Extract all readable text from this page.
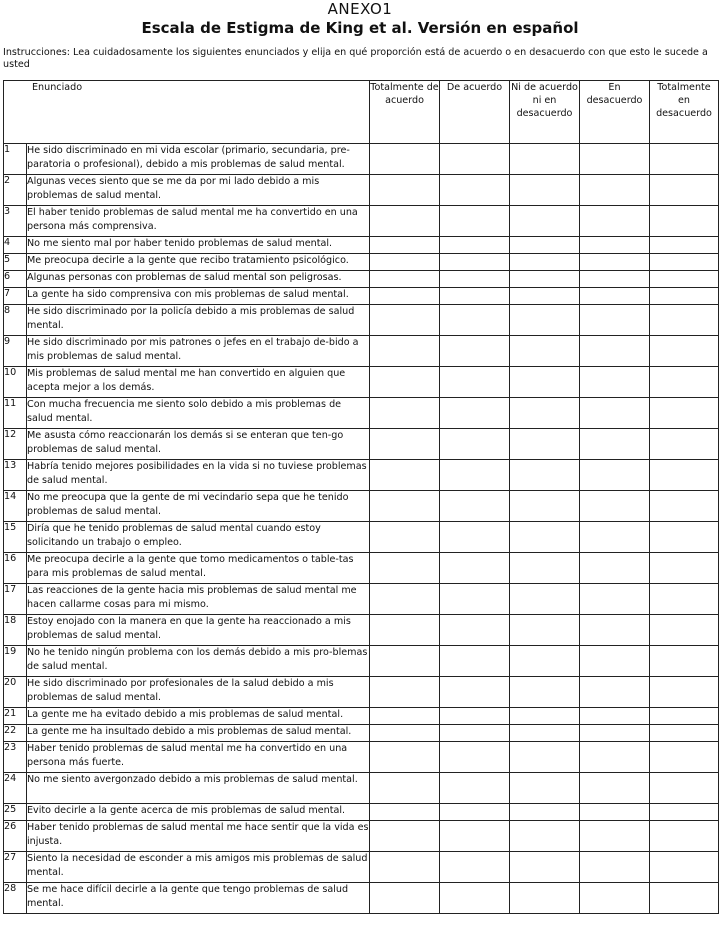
ANEXO1
Escala de Estigma de King et al. Versión en español
Instrucciones: Lea cuidadosamente los siguientes enunciados y elija en qué proporción está de acuerdo o en desacuerdo con que esto le sucede a usted
Enunciado		Totalmente de acuerdo	De acuerdo	Ni de acuerdo ni en desacuerdo	En desacuerdo	Totalmente en desacuerdo
1	He sido discriminado en mi vida escolar (primario, secundaria, pre-paratoria o profesional), debido a mis problemas de salud mental.					
2	Algunas veces siento que se me da por mi lado debido a mis problemas de salud mental.					
3	El haber tenido problemas de salud mental me ha convertido en una persona más comprensiva.					
4	No me siento mal por haber tenido problemas de salud mental.					
5	Me preocupa decirle a la gente que recibo tratamiento psicológico.					
6	Algunas personas con problemas de salud mental son peligrosas.					
7	La gente ha sido comprensiva con mis problemas de salud mental.					
8	He sido discriminado por la policía debido a mis problemas de salud mental.					
9	He sido discriminado por mis patrones o jefes en el trabajo de-bido a mis problemas de salud mental.					
10	Mis problemas de salud mental me han convertido en alguien que acepta mejor a los demás.					
11	Con mucha frecuencia me siento solo debido a mis problemas de salud mental.					
12	Me asusta cómo reaccionarán los demás si se enteran que ten-go problemas de salud mental.					
13	Habría tenido mejores posibilidades en la vida si no tuviese problemas de salud mental.					
14	No me preocupa que la gente de mi vecindario sepa que he tenido problemas de salud mental.					
15	Diría que he tenido problemas de salud mental cuando estoy solicitando un trabajo o empleo.					
16	Me preocupa decirle a la gente que tomo medicamentos o table-tas para mis problemas de salud mental.					
17	Las reacciones de la gente hacia mis problemas de salud mental me hacen callarme cosas para mi mismo.					
18	Estoy enojado con la manera en que la gente ha reaccionado a mis problemas de salud mental.					
19	No he tenido ningún problema con los demás debido a mis pro-blemas de salud mental.					
20	He sido discriminado por profesionales de la salud debido a mis problemas de salud mental.					
21	La gente me ha evitado debido a mis problemas de salud mental.					
22	La gente me ha insultado debido a mis problemas de salud mental.					
23	Haber tenido problemas de salud mental me ha convertido en una persona más fuerte.					
24	No me siento avergonzado debido a mis problemas de salud mental.					
25	Evito decirle a la gente acerca de mis problemas de salud mental.					
26	Haber tenido problemas de salud mental me hace sentir que la vida es injusta.					
27	Siento la necesidad de esconder a mis amigos mis problemas de salud mental.					
28	Se me hace difícil decirle a la gente que tengo problemas de salud mental.					
